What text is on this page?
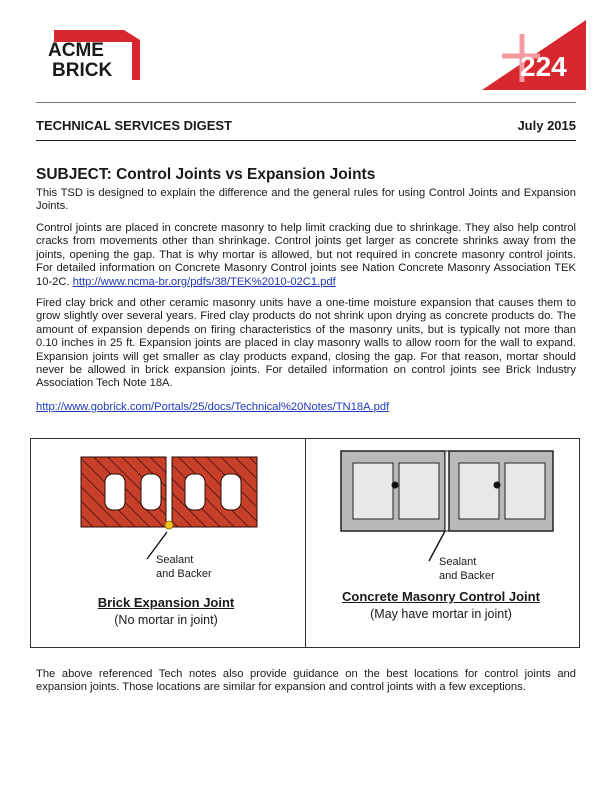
ACME
BRICK	224
TECHNICAL SERVICES DIGEST	July 2015
SUBJECT: Control Joints vs Expansion Joints

This TSD is designed to explain the difference and the general rules for using Control Joints and Expansion Joints.

Control joints are placed in concrete masonry to help limit cracking due to shrinkage. They also help control cracks from movements other than shrinkage. Control joints get larger as concrete shrinks away from the joints, opening the gap. That is why mortar is allowed, but not required in concrete masonry control joints. For detailed information on Concrete Masonry Control joints see Nation Concrete Masonry Association TEK 10-2C. http://www.ncma-br.org/pdfs/38/TEK%2010-02C1.pdf

Fired clay brick and other ceramic masonry units have a one-time moisture expansion that causes them to grow slightly over several years. Fired clay products do not shrink upon drying as concrete products do. The amount of expansion depends on firing characteristics of the masonry units, but is typically not more than 0.10 inches in 25 ft. Expansion joints are placed in clay masonry walls to allow room for the wall to expand. Expansion joints will get smaller as clay products expand, closing the gap. For that reason, mortar should never be allowed in brick expansion joints. For detailed information on control joints see Brick Industry Association Tech Note 18A.

http://www.gobrick.com/Portals/25/docs/Technical%20Notes/TN18A.pdf

Sealant
and Backer
Brick Expansion Joint
(No mortar in joint)
Sealant
and Backer
Concrete Masonry Control Joint
(May have mortar in joint)

The above referenced Tech notes also provide guidance on the best locations for control joints and expansion joints. Those locations are similar for expansion and control joints with a few exceptions.
